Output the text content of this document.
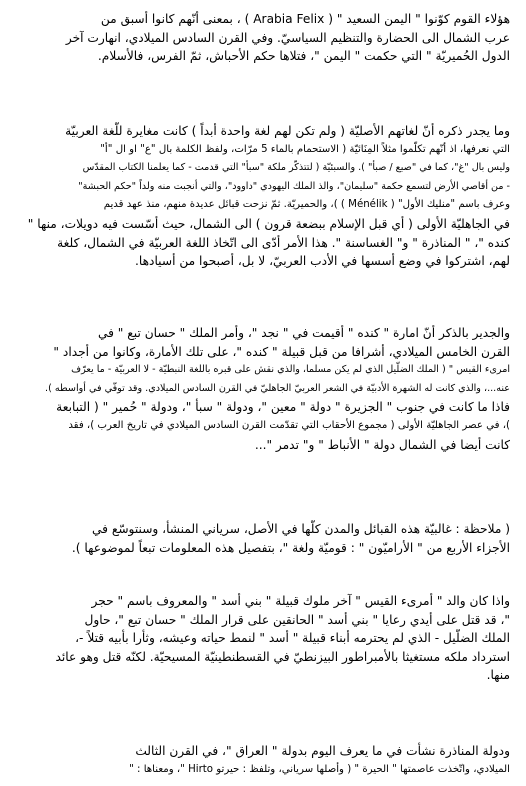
هؤلاء القوم كوّنوا " اليمن السعيد " ( Arabia Felix ) ، بمعنى أنّهم كانوا أسبق من
عرب الشمال الى الحضارة والتنظيم السياسيّ. وفي القرن السادس الميلادي، انهارت آخر
الدول الحُميريّة " التي حكمت " اليمن "، فتلاها حكم الأحباش، ثمّ الفرس، فالأسلام.
وما يجدر ذكره أنّ لغاتهم الأصليّة ( ولم تكن لهم لغة واحدة أبداً ) كانت مغايرة للّغة العربيّة
التي نعرفها، اذ أنّهم تكلّموا مثلاً المِنَائيّة ( الاستحمام بالماء 5 مرّات، ولفظ الكلمة بال "ع" او ال "أ"
وليس بال "غ"، كما في "صبع / صبأ" ). والسبئيّة ( لتتذكّر ملكة "سبأ" التي قدمت - كما يعلمنا الكتاب المقدّس
- من أقاصي الأرض لتسمع حكمة "سليمان"، والذ الملك اليهودي "داوود"، والتي أنجبت منه ولداً "حكم الحبشة"
وعرف باسم "منليك الأول" ( Ménélik ) )، والحميريّة. ثمّ نزحت قبائل عديدة منهم، منذ عهد قديم
في الجاهليّة الأولى ( أي قبل الإسلام ببضعة قرون ) الى الشمال، حيث أسّست فيه دويلات، منها "
كنده "، " المناذرة " و" الغساسنة ". هذا الأمر أدّى الى اتّخاذ اللغة العربيّة في الشمال، كلغة
لهم، اشتركوا في وضع أسسها في الأدب العربيّ، لا بل، أصبحوا من أسيادها.
والجدير بالذكر أنّ امارة " كنده " أقيمت في " نجد "، وأمر الملك " حسان تبع " في
القرن الخامس الميلادي، أشرافا من قبل قبيلة " كنده "، على تلك الأمارة، وكانوا من أجداد "
امرىء القيس " ( الملك الضلّيل الذي لم يكن مسلما، والذي نقش على قبره باللغة النبطيّة - لا العربيّة - ما يعرّف
عنه...، والذي كانت له الشهرة الأدبيّة في الشعر العربيّ الجاهليّ في القرن السادس الميلادي. وقد توفّي في أواسطه ).
فاذا ما كانت في جنوب " الجزيرة " دولة " معين "، ودولة " سبأ "، ودولة " حُمير " ( التبابعة
)، في عصر الجاهليّة الأولى ( مجموع الأحقاب التي تقدّمت القرن السادس الميلادي في تاريخ العرب )، فقد
كانت أيضا في الشمال دولة " الأنباط " و" تدمر "...
( ملاحظة : غالبيّة هذه القبائل والمدن كلّها في الأصل، سرياني المنشأ، وسنتوسّع في
الأجزاء الأربع من " الأراميّون " : قوميّة ولغة "، بتفصيل هذه المعلومات تبعاً لموضوعها ).
واذا كان والد " أمرىء القيس " آخر ملوك قبيلة " بني أسد " والمعروف باسم " حجر
"، قد قتل على أيدي رعايا " بني أسد " الحانقين على قرار الملك " حسان تبع "، حاول
الملك الضلّيل - الذي لم يحترمه أبناء قبيلة " أسد " لنمط حياته وعيشه، وثأرا بأبيه قتلاً -،
استرداد ملكه مستغيثا بالأمبراطور البيزنطيّ في القسطنطينيّة المسيحيّة. لكنّه قتل وهو عائد
منها.
ودولة المناذرة نشأت في ما يعرف اليوم بدولة " العراق "، في القرن الثالث
الميلادي، واتّخذت عاصمتها " الحيرة " ( وأصلها سرياني، وتلفظ : حيرتو Hirto "، ومعناها : "
